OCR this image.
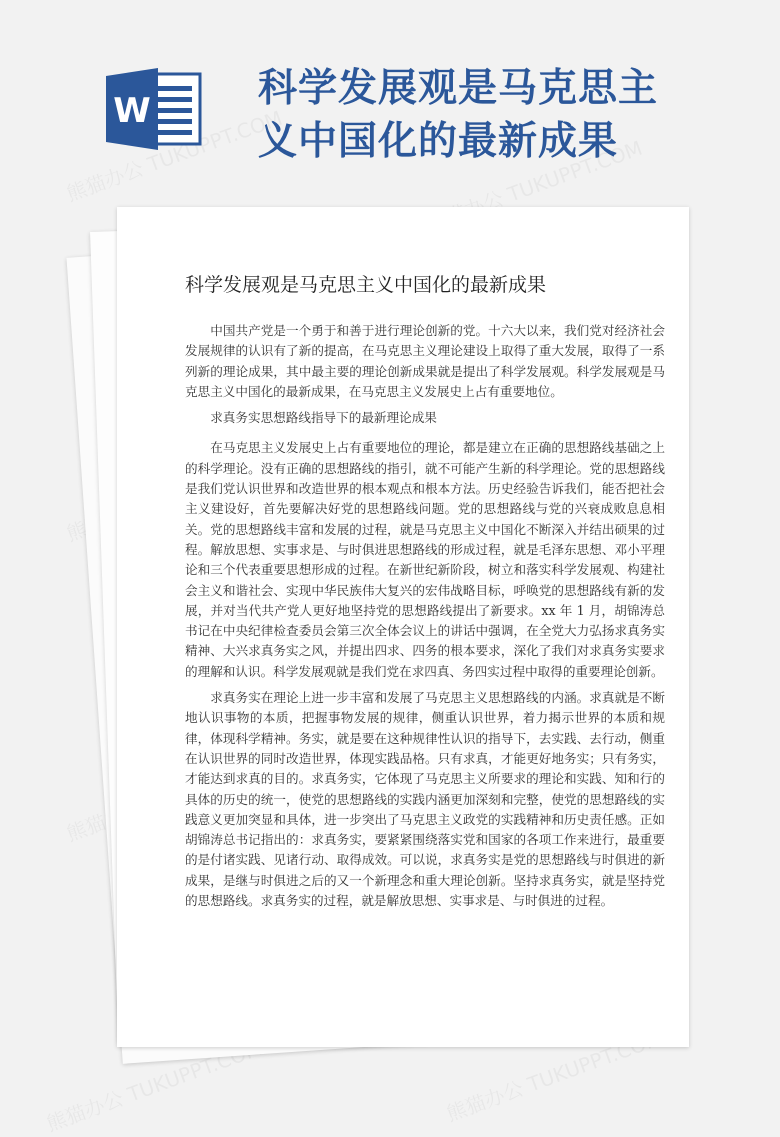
W	科学发展观是马克思主
义中国化的最新成果
科学发展观是马克思主义中国化的最新成果

中国共产党是一个勇于和善于进行理论创新的党。十六大以来，我们党对经济社会发展规律的认识有了新的提高，在马克思主义理论建设上取得了重大发展，取得了一系列新的理论成果，其中最主要的理论创新成果就是提出了科学发展观。科学发展观是马克思主义中国化的最新成果，在马克思主义发展史上占有重要地位。

求真务实思想路线指导下的最新理论成果

在马克思主义发展史上占有重要地位的理论，都是建立在正确的思想路线基础之上的科学理论。没有正确的思想路线的指引，就不可能产生新的科学理论。党的思想路线是我们党认识世界和改造世界的根本观点和根本方法。历史经验告诉我们，能否把社会主义建设好，首先要解决好党的思想路线问题。党的思想路线与党的兴衰成败息息相关。党的思想路线丰富和发展的过程，就是马克思主义中国化不断深入并结出硕果的过程。解放思想、实事求是、与时俱进思想路线的形成过程，就是毛泽东思想、邓小平理论和三个代表重要思想形成的过程。在新世纪新阶段，树立和落实科学发展观、构建社会主义和谐社会、实现中华民族伟大复兴的宏伟战略目标，呼唤党的思想路线有新的发展，并对当代共产党人更好地坚持党的思想路线提出了新要求。xx 年 1 月，胡锦涛总书记在中央纪律检查委员会第三次全体会议上的讲话中强调，在全党大力弘扬求真务实精神、大兴求真务实之风，并提出四求、四务的根本要求，深化了我们对求真务实要求的理解和认识。科学发展观就是我们党在求四真、务四实过程中取得的重要理论创新。

求真务实在理论上进一步丰富和发展了马克思主义思想路线的内涵。求真就是不断地认识事物的本质，把握事物发展的规律，侧重认识世界，着力揭示世界的本质和规律，体现科学精神。务实，就是要在这种规律性认识的指导下，去实践、去行动，侧重在认识世界的同时改造世界，体现实践品格。只有求真，才能更好地务实；只有务实，才能达到求真的目的。求真务实，它体现了马克思主义所要求的理论和实践、知和行的具体的历史的统一，使党的思想路线的实践内涵更加深刻和完整，使党的思想路线的实践意义更加突显和具体，进一步突出了马克思主义政党的实践精神和历史责任感。正如胡锦涛总书记指出的：求真务实，要紧紧围绕落实党和国家的各项工作来进行，最重要的是付诸实践、见诸行动、取得成效。可以说，求真务实是党的思想路线与时俱进的新成果，是继与时俱进之后的又一个新理念和重大理论创新。坚持求真务实，就是坚持党的思想路线。求真务实的过程，就是解放思想、实事求是、与时俱进的过程。
